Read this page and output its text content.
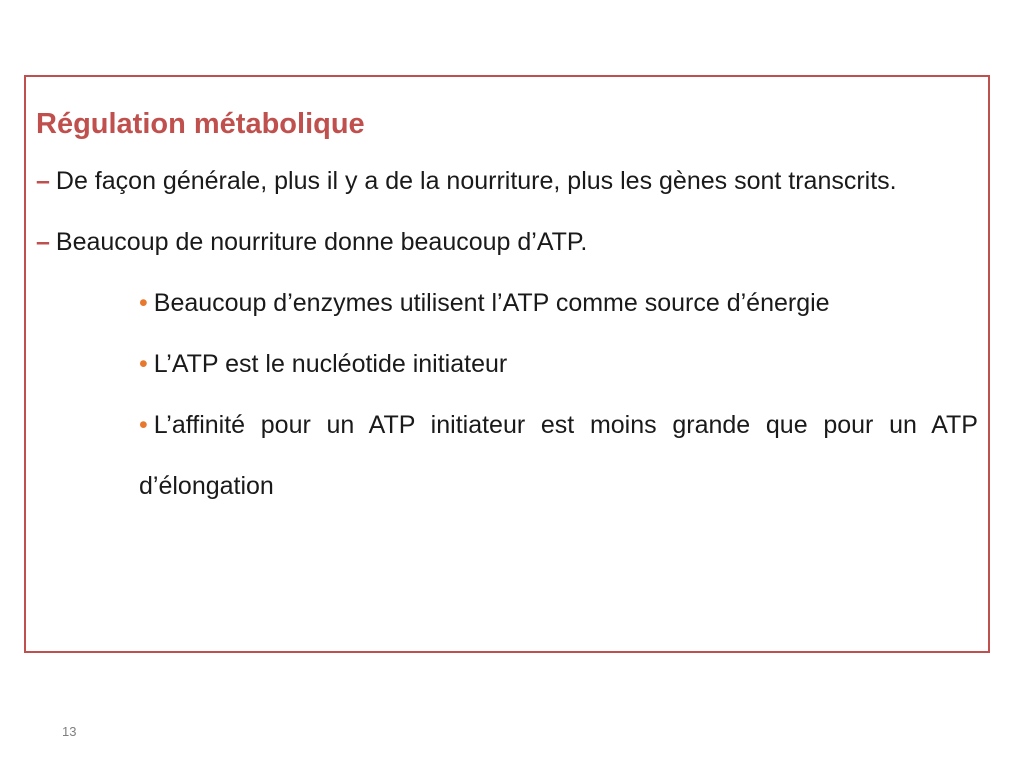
Régulation métabolique

– De façon générale, plus il y a de la nourriture, plus les gènes sont transcrits.

– Beaucoup de nourriture donne beaucoup d’ATP.

• Beaucoup d’enzymes utilisent l’ATP comme source d’énergie

• L’ATP est le nucléotide initiateur

• L’affinité pour un ATP initiateur est moins grande que pour un ATP d’élongation

13
